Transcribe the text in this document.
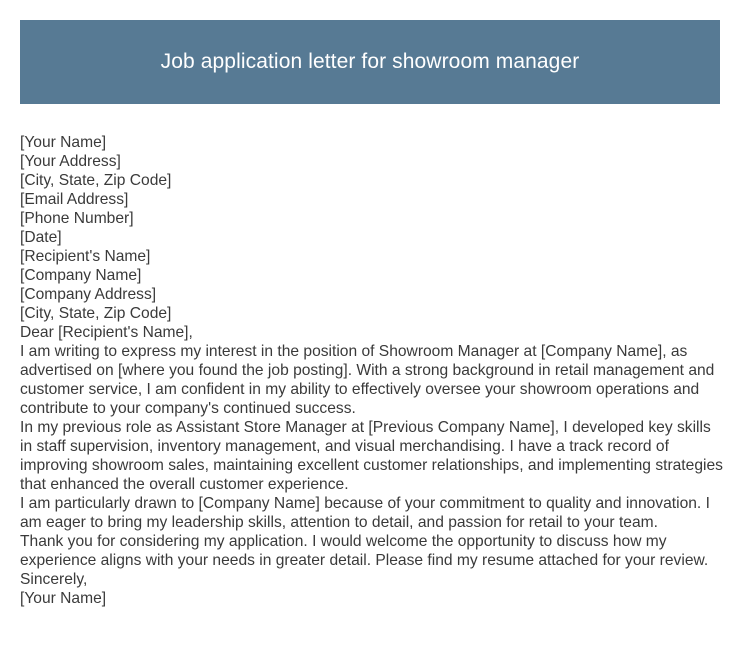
Job application letter for showroom manager
[Your Name]
[Your Address]
[City, State, Zip Code]
[Email Address]
[Phone Number]
[Date]
[Recipient's Name]
[Company Name]
[Company Address]
[City, State, Zip Code]
Dear [Recipient's Name],
I am writing to express my interest in the position of Showroom Manager at [Company Name], as advertised on [where you found the job posting]. With a strong background in retail management and customer service, I am confident in my ability to effectively oversee your showroom operations and contribute to your company's continued success.
In my previous role as Assistant Store Manager at [Previous Company Name], I developed key skills in staff supervision, inventory management, and visual merchandising. I have a track record of improving showroom sales, maintaining excellent customer relationships, and implementing strategies that enhanced the overall customer experience.
I am particularly drawn to [Company Name] because of your commitment to quality and innovation. I am eager to bring my leadership skills, attention to detail, and passion for retail to your team.
Thank you for considering my application. I would welcome the opportunity to discuss how my experience aligns with your needs in greater detail. Please find my resume attached for your review.
Sincerely,
[Your Name]
